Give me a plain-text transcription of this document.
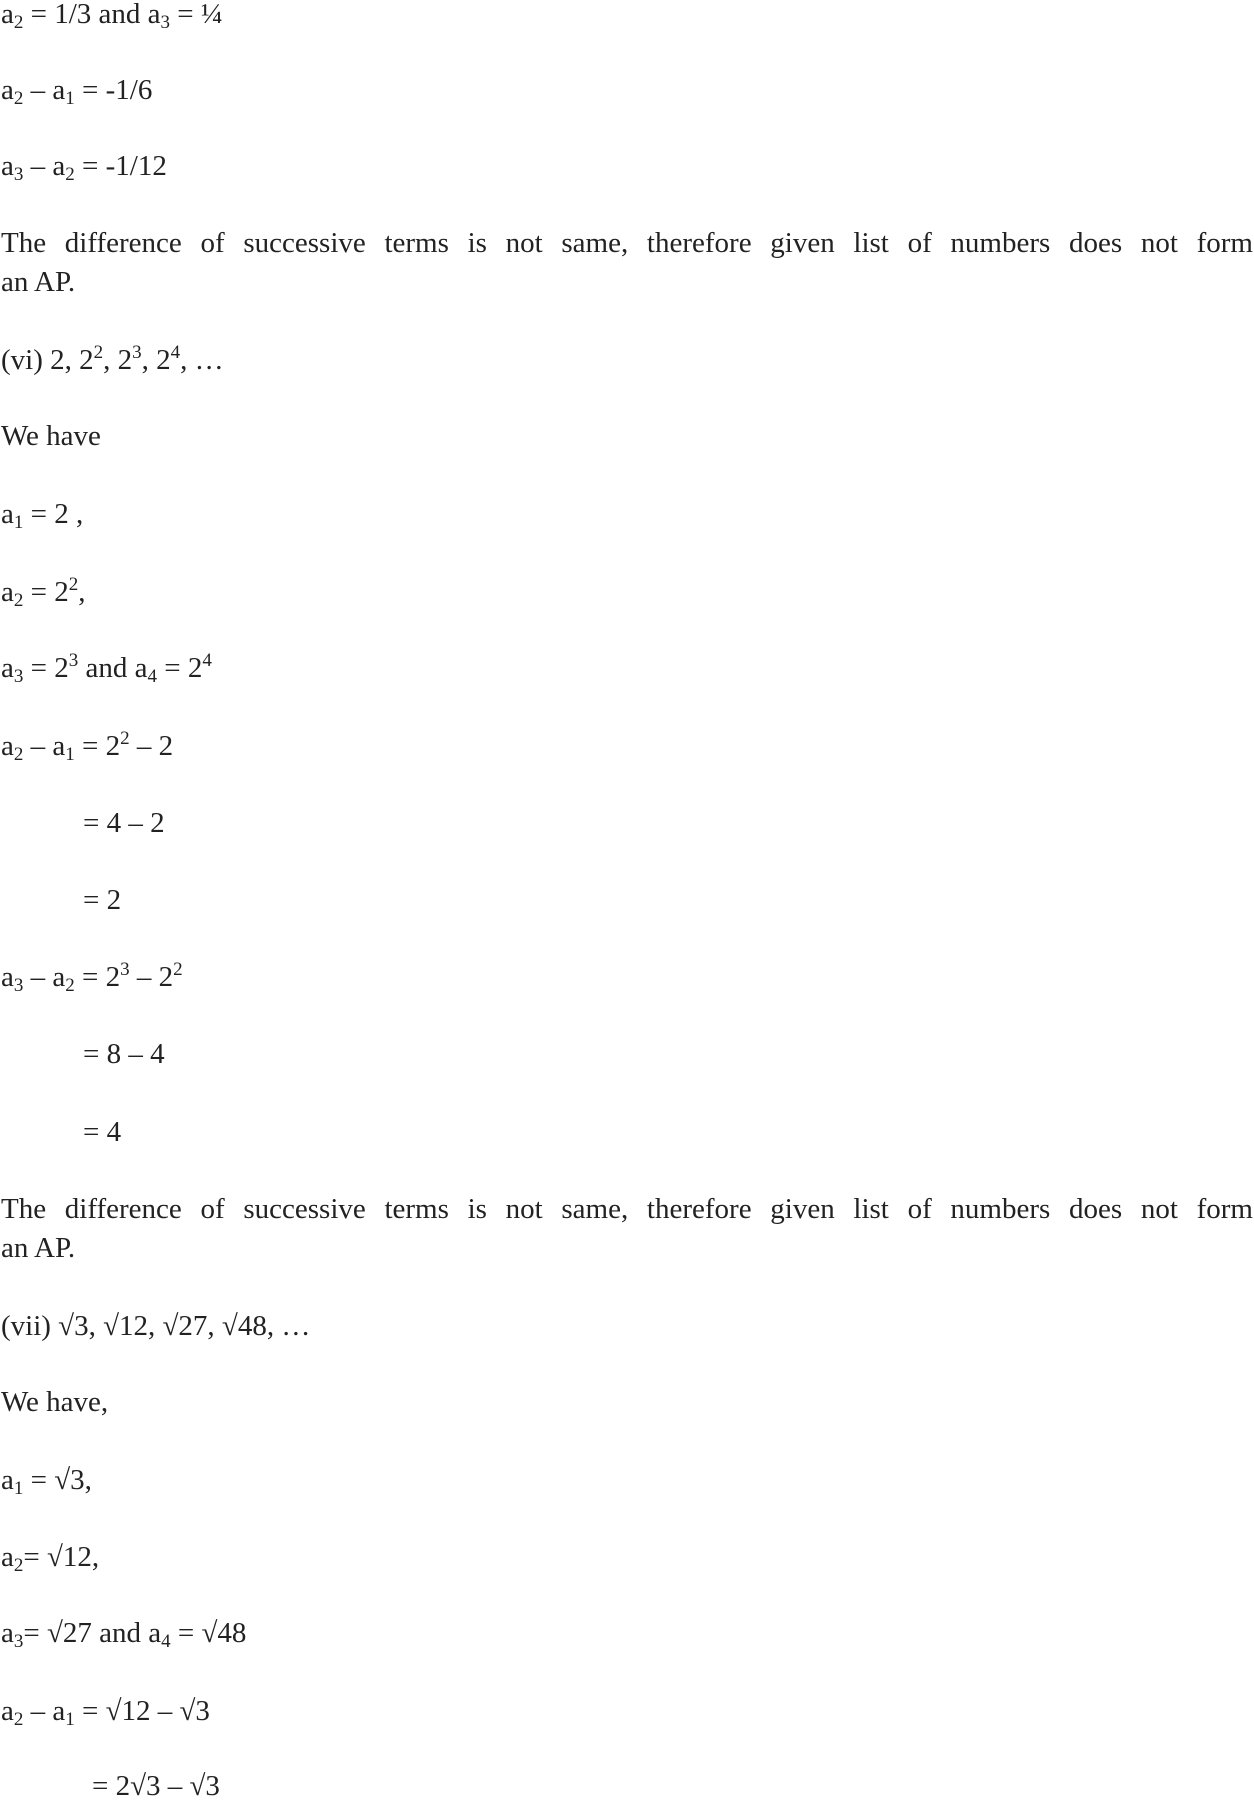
$a_2 = 1/3$ and $a_3$ = ¼
$a_2 - a_1 = -1/6$
$a_3 - a_2 = -1/12$
The difference of successive terms is not same, therefore given list of numbers does not form
an AP.
(vi) 2, $2^2$, $2^3$, $2^4$, …
We have
$a_1 = 2$ ,
$a_2 = 2^2$,
$a_3 = 2^3$ and $a_4 = 2^4$
$a_2 - a_1 = 2^2 - 2$
= 4 – 2
= 2
$a_3 - a_2 = 2^3 - 2^2$
= 8 – 4
= 4
The difference of successive terms is not same, therefore given list of numbers does not form
an AP.
(vii) √3, √12, √27, √48, …
We have,
$a_1 = √3$,
$a_2= √12$,
$a_3= √27$ and $a_4 = √48$
$a_2 - a_1 = √12 - √3$
= 2√3 – √3
